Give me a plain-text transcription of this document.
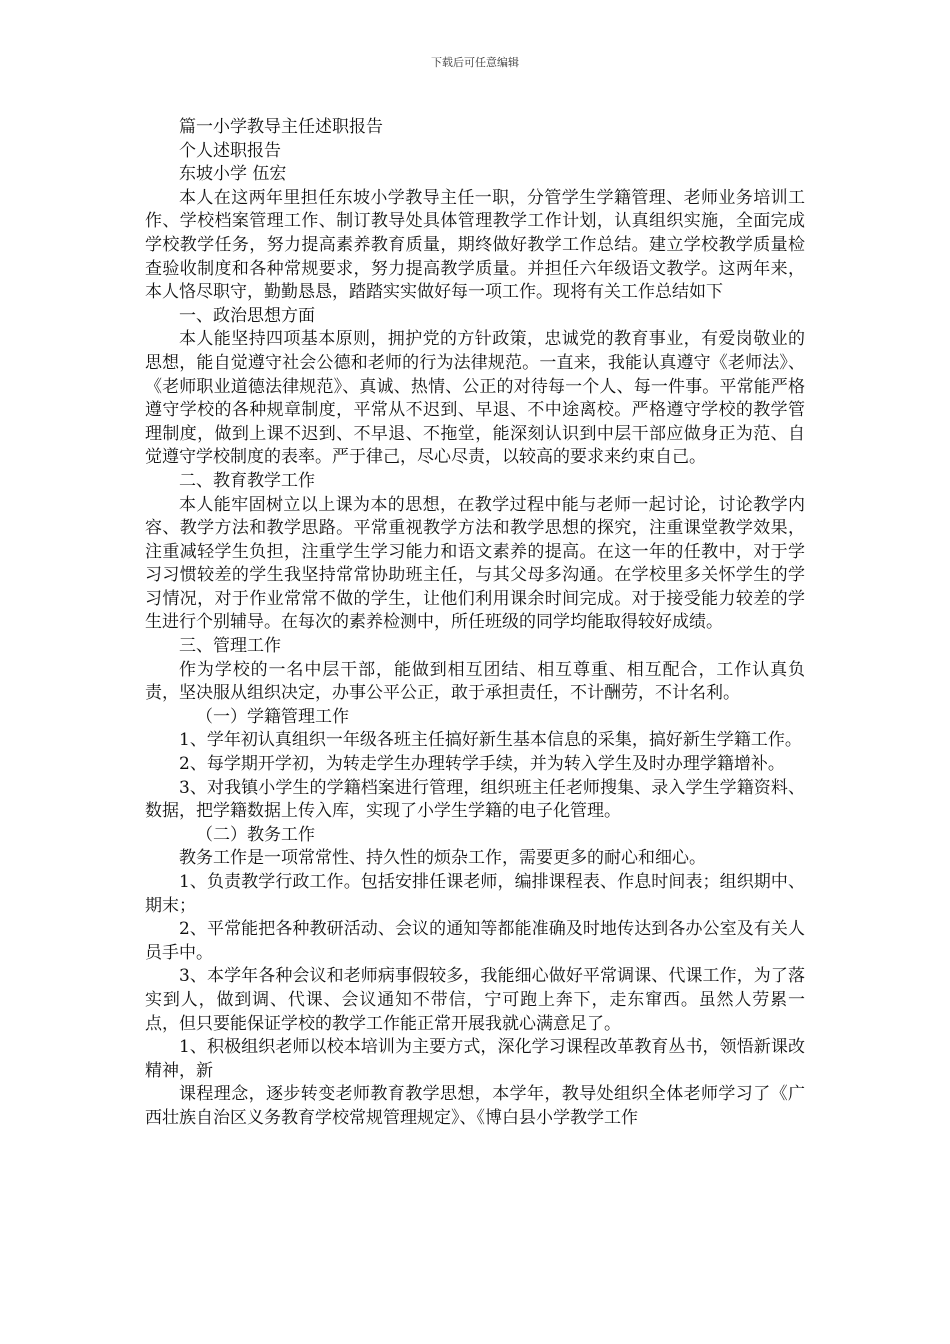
下载后可任意编辑

篇一小学教导主任述职报告

个人述职报告

东坡小学 伍宏

本人在这两年里担任东坡小学教导主任一职，分管学生学籍管理、老师业务培训工作、学校档案管理工作、制订教导处具体管理教学工作计划，认真组织实施，全面完成学校教学任务，努力提高素养教育质量，期终做好教学工作总结。建立学校教学质量检查验收制度和各种常规要求，努力提高教学质量。并担任六年级语文教学。这两年来，本人恪尽职守，勤勤恳恳，踏踏实实做好每一项工作。现将有关工作总结如下

一、政治思想方面

本人能坚持四项基本原则，拥护党的方针政策，忠诚党的教育事业，有爱岗敬业的思想，能自觉遵守社会公德和老师的行为法律规范。一直来，我能认真遵守《老师法》、《老师职业道德法律规范》、真诚、热情、公正的对待每一个人、每一件事。平常能严格遵守学校的各种规章制度，平常从不迟到、早退、不中途离校。严格遵守学校的教学管理制度，做到上课不迟到、不早退、不拖堂，能深刻认识到中层干部应做身正为范、自觉遵守学校制度的表率。严于律己，尽心尽责，以较高的要求来约束自己。

二、教育教学工作

本人能牢固树立以上课为本的思想，在教学过程中能与老师一起讨论，讨论教学内容、教学方法和教学思路。平常重视教学方法和教学思想的探究，注重课堂教学效果，注重减轻学生负担，注重学生学习能力和语文素养的提高。在这一年的任教中，对于学习习惯较差的学生我坚持常常协助班主任，与其父母多沟通。在学校里多关怀学生的学习情况，对于作业常常不做的学生，让他们利用课余时间完成。对于接受能力较差的学生进行个别辅导。在每次的素养检测中，所任班级的同学均能取得较好成绩。

三、管理工作

作为学校的一名中层干部，能做到相互团结、相互尊重、相互配合，工作认真负责，坚决服从组织决定，办事公平公正，敢于承担责任，不计酬劳，不计名利。

（一）学籍管理工作

1、学年初认真组织一年级各班主任搞好新生基本信息的采集，搞好新生学籍工作。

2、每学期开学初，为转走学生办理转学手续，并为转入学生及时办理学籍增补。

3、对我镇小学生的学籍档案进行管理，组织班主任老师搜集、录入学生学籍资料、数据，把学籍数据上传入库，实现了小学生学籍的电子化管理。

（二）教务工作

教务工作是一项常常性、持久性的烦杂工作，需要更多的耐心和细心。

1、负责教学行政工作。包括安排任课老师，编排课程表、作息时间表；组织期中、期末；

2、平常能把各种教研活动、会议的通知等都能准确及时地传达到各办公室及有关人员手中。

3、本学年各种会议和老师病事假较多，我能细心做好平常调课、代课工作，为了落实到人，做到调、代课、会议通知不带信，宁可跑上奔下，走东窜西。虽然人劳累一点，但只要能保证学校的教学工作能正常开展我就心满意足了。

1、积极组织老师以校本培训为主要方式，深化学习课程改革教育丛书，领悟新课改精神，新

课程理念，逐步转变老师教育教学思想，本学年，教导处组织全体老师学习了《广西壮族自治区义务教育学校常规管理规定》、《博白县小学教学工作
